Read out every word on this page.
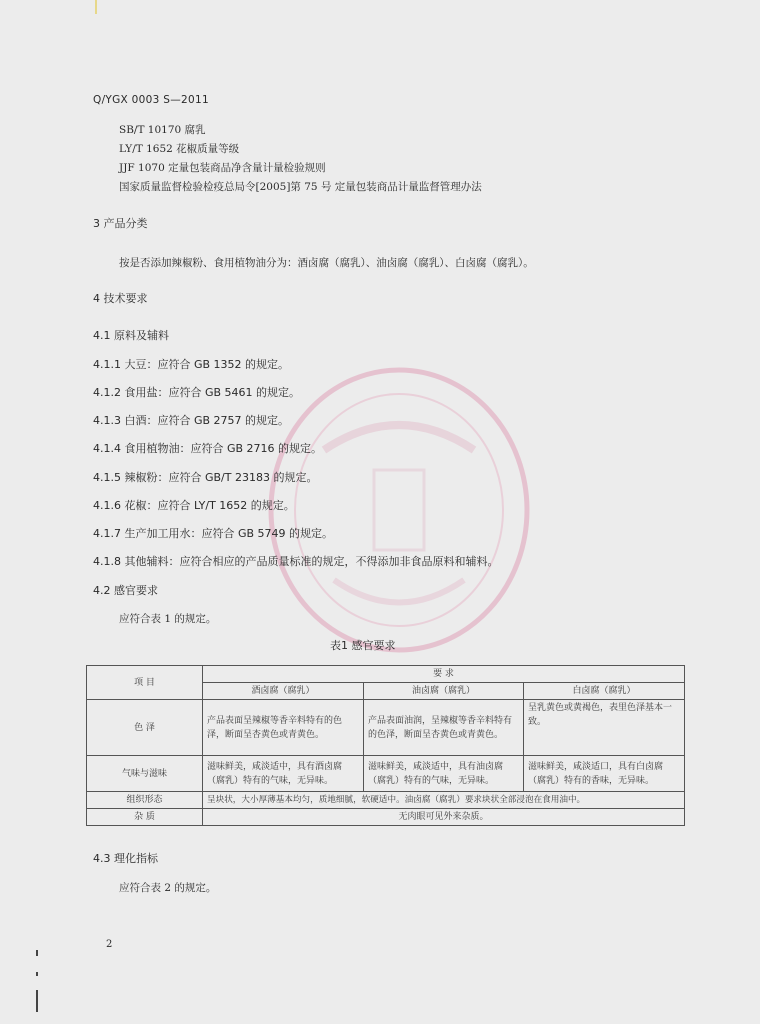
Q/YGX 0003 S—2011
SB/T 10170 腐乳
LY/T 1652 花椒质量等级
JJF 1070 定量包装商品净含量计量检验规则
国家质量监督检验检疫总局令[2005]第 75 号 定量包装商品计量监督管理办法
3 产品分类
按是否添加辣椒粉、食用植物油分为：酒卤腐（腐乳）、油卤腐（腐乳）、白卤腐（腐乳）。
4 技术要求
4.1 原料及辅料
4.1.1 大豆：应符合 GB 1352 的规定。
4.1.2 食用盐：应符合 GB 5461 的规定。
4.1.3 白酒：应符合 GB 2757 的规定。
4.1.4 食用植物油：应符合 GB 2716 的规定。
4.1.5 辣椒粉：应符合 GB/T 23183 的规定。
4.1.6 花椒：应符合 LY/T 1652 的规定。
4.1.7 生产加工用水：应符合 GB 5749 的规定。
4.1.8 其他辅料：应符合相应的产品质量标准的规定，不得添加非食品原料和辅料。
4.2 感官要求
应符合表 1 的规定。
表1 感官要求
项 目	要 求		
	酒卤腐（腐乳）	油卤腐（腐乳）	白卤腐（腐乳）
色 泽	产品表面呈辣椒等香辛料特有的色泽，断面呈杏黄色或青黄色。	产品表面油润，呈辣椒等香辛料特有的色泽，断面呈杏黄色或青黄色。	呈乳黄色或黄褐色，表里色泽基本一致。
气味与滋味	滋味鲜美，咸淡适中，具有酒卤腐（腐乳）特有的气味，无异味。	滋味鲜美，咸淡适中，具有油卤腐（腐乳）特有的气味，无异味。	滋味鲜美，咸淡适口，具有白卤腐（腐乳）特有的香味，无异味。
组织形态	呈块状，大小厚薄基本均匀，质地细腻，软硬适中。油卤腐（腐乳）要求块状全部浸泡在食用油中。		
杂 质	无肉眼可见外来杂质。		
4.3 理化指标
应符合表 2 的规定。
2
